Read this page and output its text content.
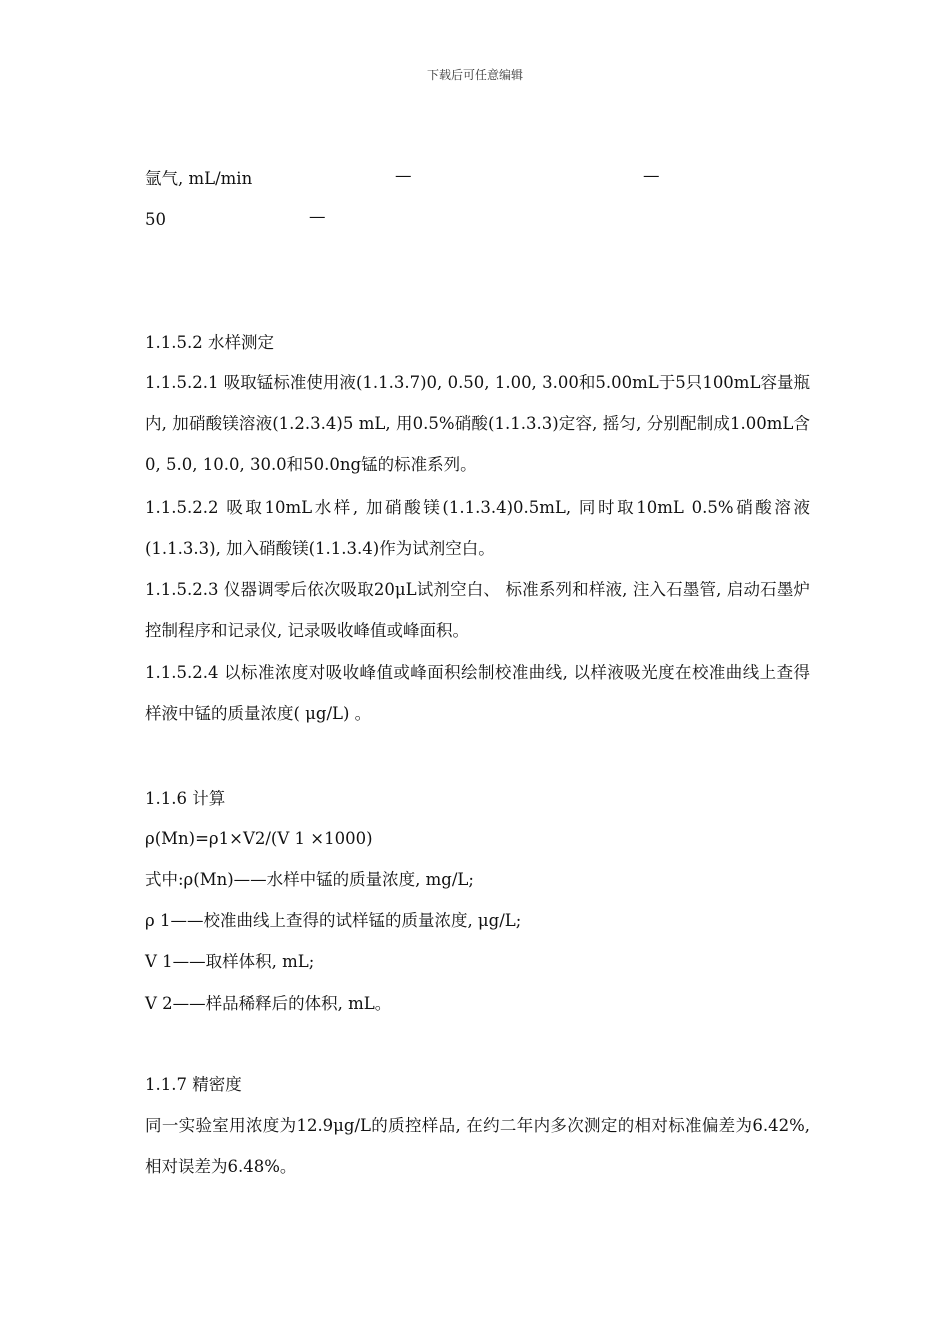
下载后可任意编辑
氩气, mL/min	—	—
50	—
1.1.5.2 水样测定
1.1.5.2.1 吸取锰标准使用液(1.1.3.7)0, 0.50, 1.00, 3.00和5.00mL于5只100mL容量瓶内, 加硝酸镁溶液(1.2.3.4)5 mL, 用0.5%硝酸(1.1.3.3)定容, 摇匀, 分别配制成1.00mL含0, 5.0, 10.0, 30.0和50.0ng锰的标准系列。
1.1.5.2.2 吸取10mL水样, 加硝酸镁(1.1.3.4)0.5mL, 同时取10mL 0.5%硝酸溶液(1.1.3.3), 加入硝酸镁(1.1.3.4)作为试剂空白。
1.1.5.2.3 仪器调零后依次吸取20μL试剂空白、 标准系列和样液, 注入石墨管, 启动石墨炉控制程序和记录仪, 记录吸收峰值或峰面积。
1.1.5.2.4 以标准浓度对吸收峰值或峰面积绘制校准曲线, 以样液吸光度在校准曲线上查得样液中锰的质量浓度( μg/L) 。
1.1.6 计算
ρ(Mn)=ρ1×V2/(V 1 ×1000)
式中:ρ(Mn)——水样中锰的质量浓度, mg/L;
ρ 1——校准曲线上查得的试样锰的质量浓度, μg/L;
V 1——取样体积, mL;
V 2——样品稀释后的体积, mL。
1.1.7 精密度
同一实验室用浓度为12.9μg/L的质控样品, 在约二年内多次测定的相对标准偏差为6.42%, 相对误差为6.48%。
